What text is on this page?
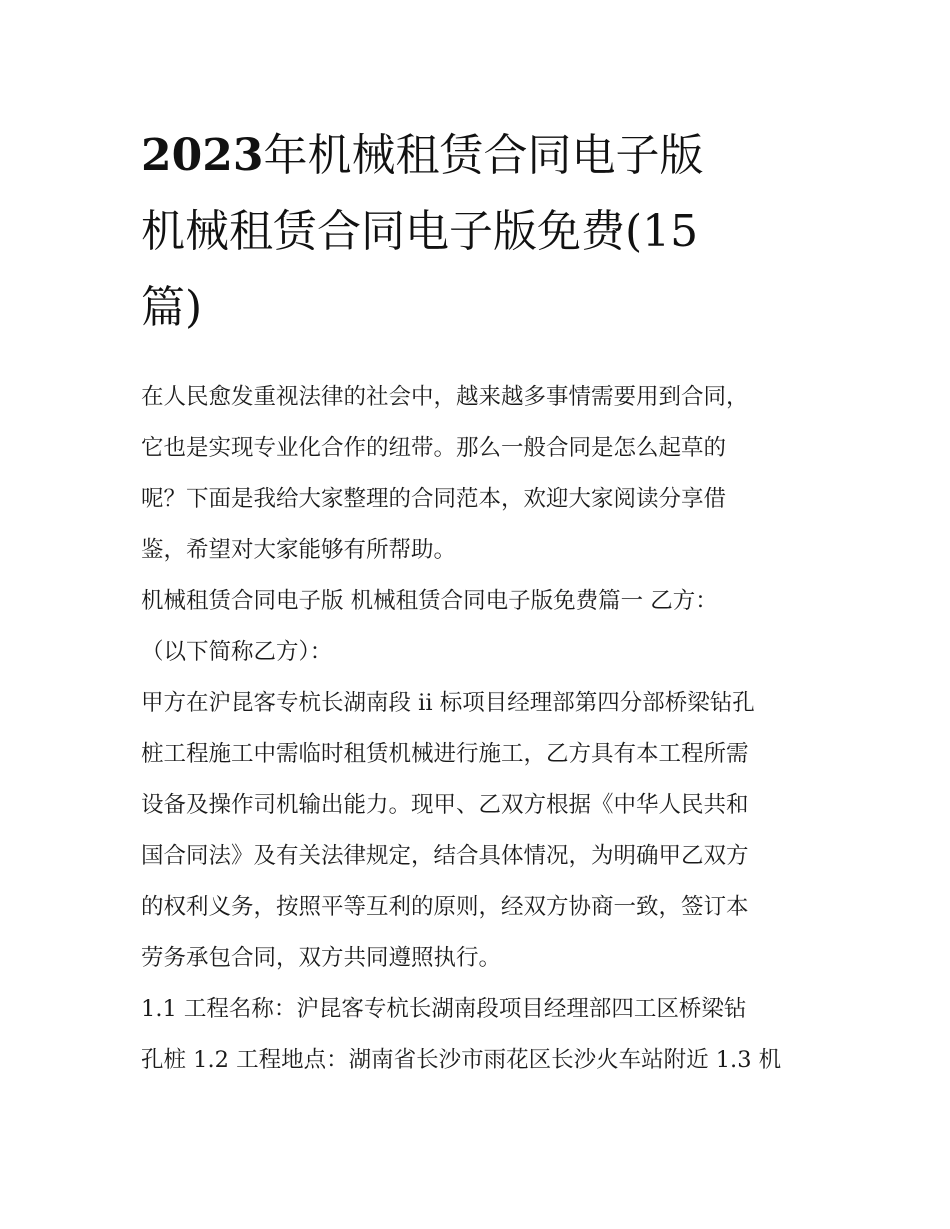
2023年机械租赁合同电子版
机械租赁合同电子版免费(15
篇)

在人民愈发重视法律的社会中，越来越多事情需要用到合同，
它也是实现专业化合作的纽带。那么一般合同是怎么起草的
呢？下面是我给大家整理的合同范本，欢迎大家阅读分享借
鉴，希望对大家能够有所帮助。

机械租赁合同电子版 机械租赁合同电子版免费篇一 乙方：
（以下简称乙方）：

甲方在沪昆客专杭长湖南段 ii 标项目经理部第四分部桥梁钻孔
桩工程施工中需临时租赁机械进行施工，乙方具有本工程所需
设备及操作司机输出能力。现甲、乙双方根据《中华人民共和
国合同法》及有关法律规定，结合具体情况，为明确甲乙双方
的权利义务，按照平等互利的原则，经双方协商一致，签订本
劳务承包合同，双方共同遵照执行。

1.1 工程名称：沪昆客专杭长湖南段项目经理部四工区桥梁钻
孔桩 1.2 工程地点：湖南省长沙市雨花区长沙火车站附近 1.3 机
